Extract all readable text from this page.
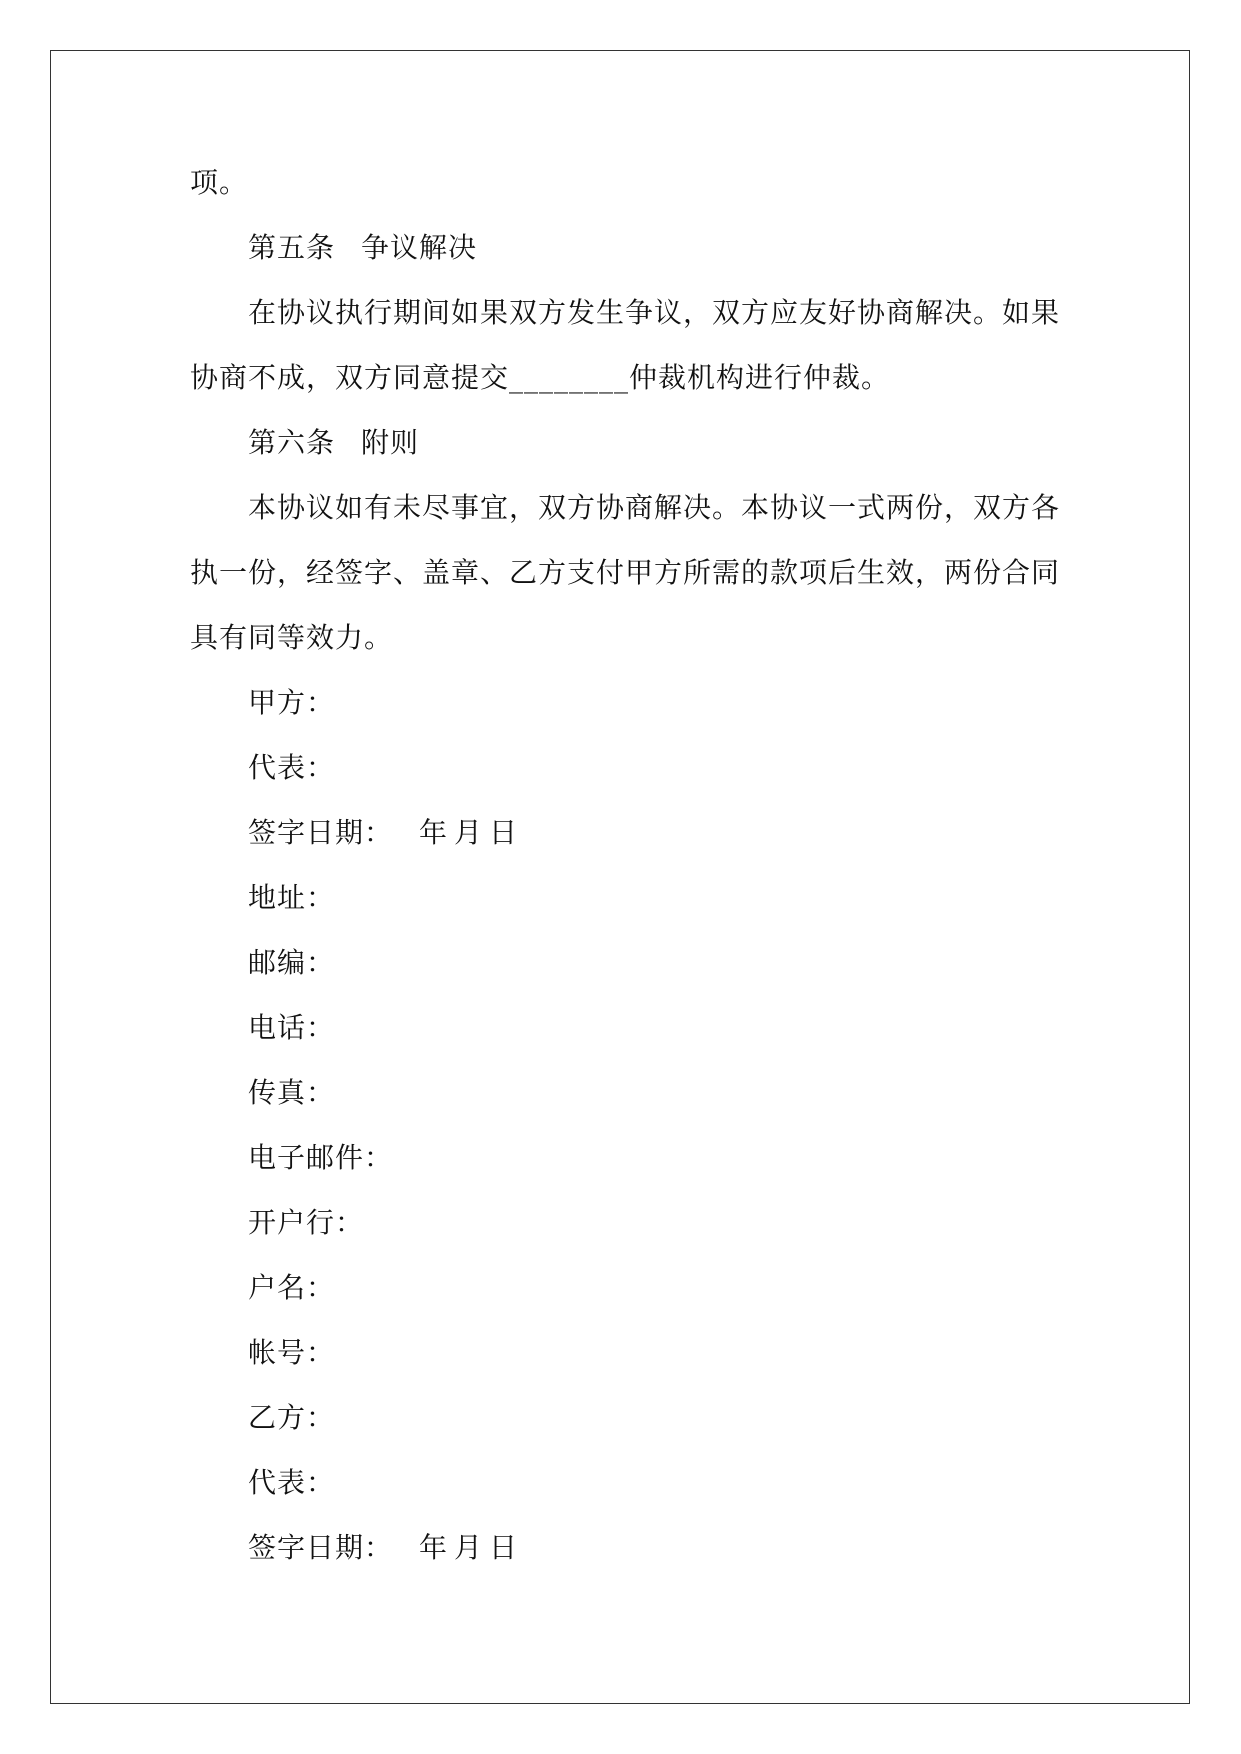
项。
第五条 争议解决
在协议执行期间如果双方发生争议，双方应友好协商解决。如果
协商不成，双方同意提交________仲裁机构进行仲裁。
第六条 附则
本协议如有未尽事宜，双方协商解决。本协议一式两份，双方各
执一份，经签字、盖章、乙方支付甲方所需的款项后生效，两份合同
具有同等效力。
甲方：
代表：
签字日期： 年 月 日
地址：
邮编：
电话：
传真：
电子邮件：
开户行：
户名：
帐号：
乙方：
代表：
签字日期： 年 月 日
